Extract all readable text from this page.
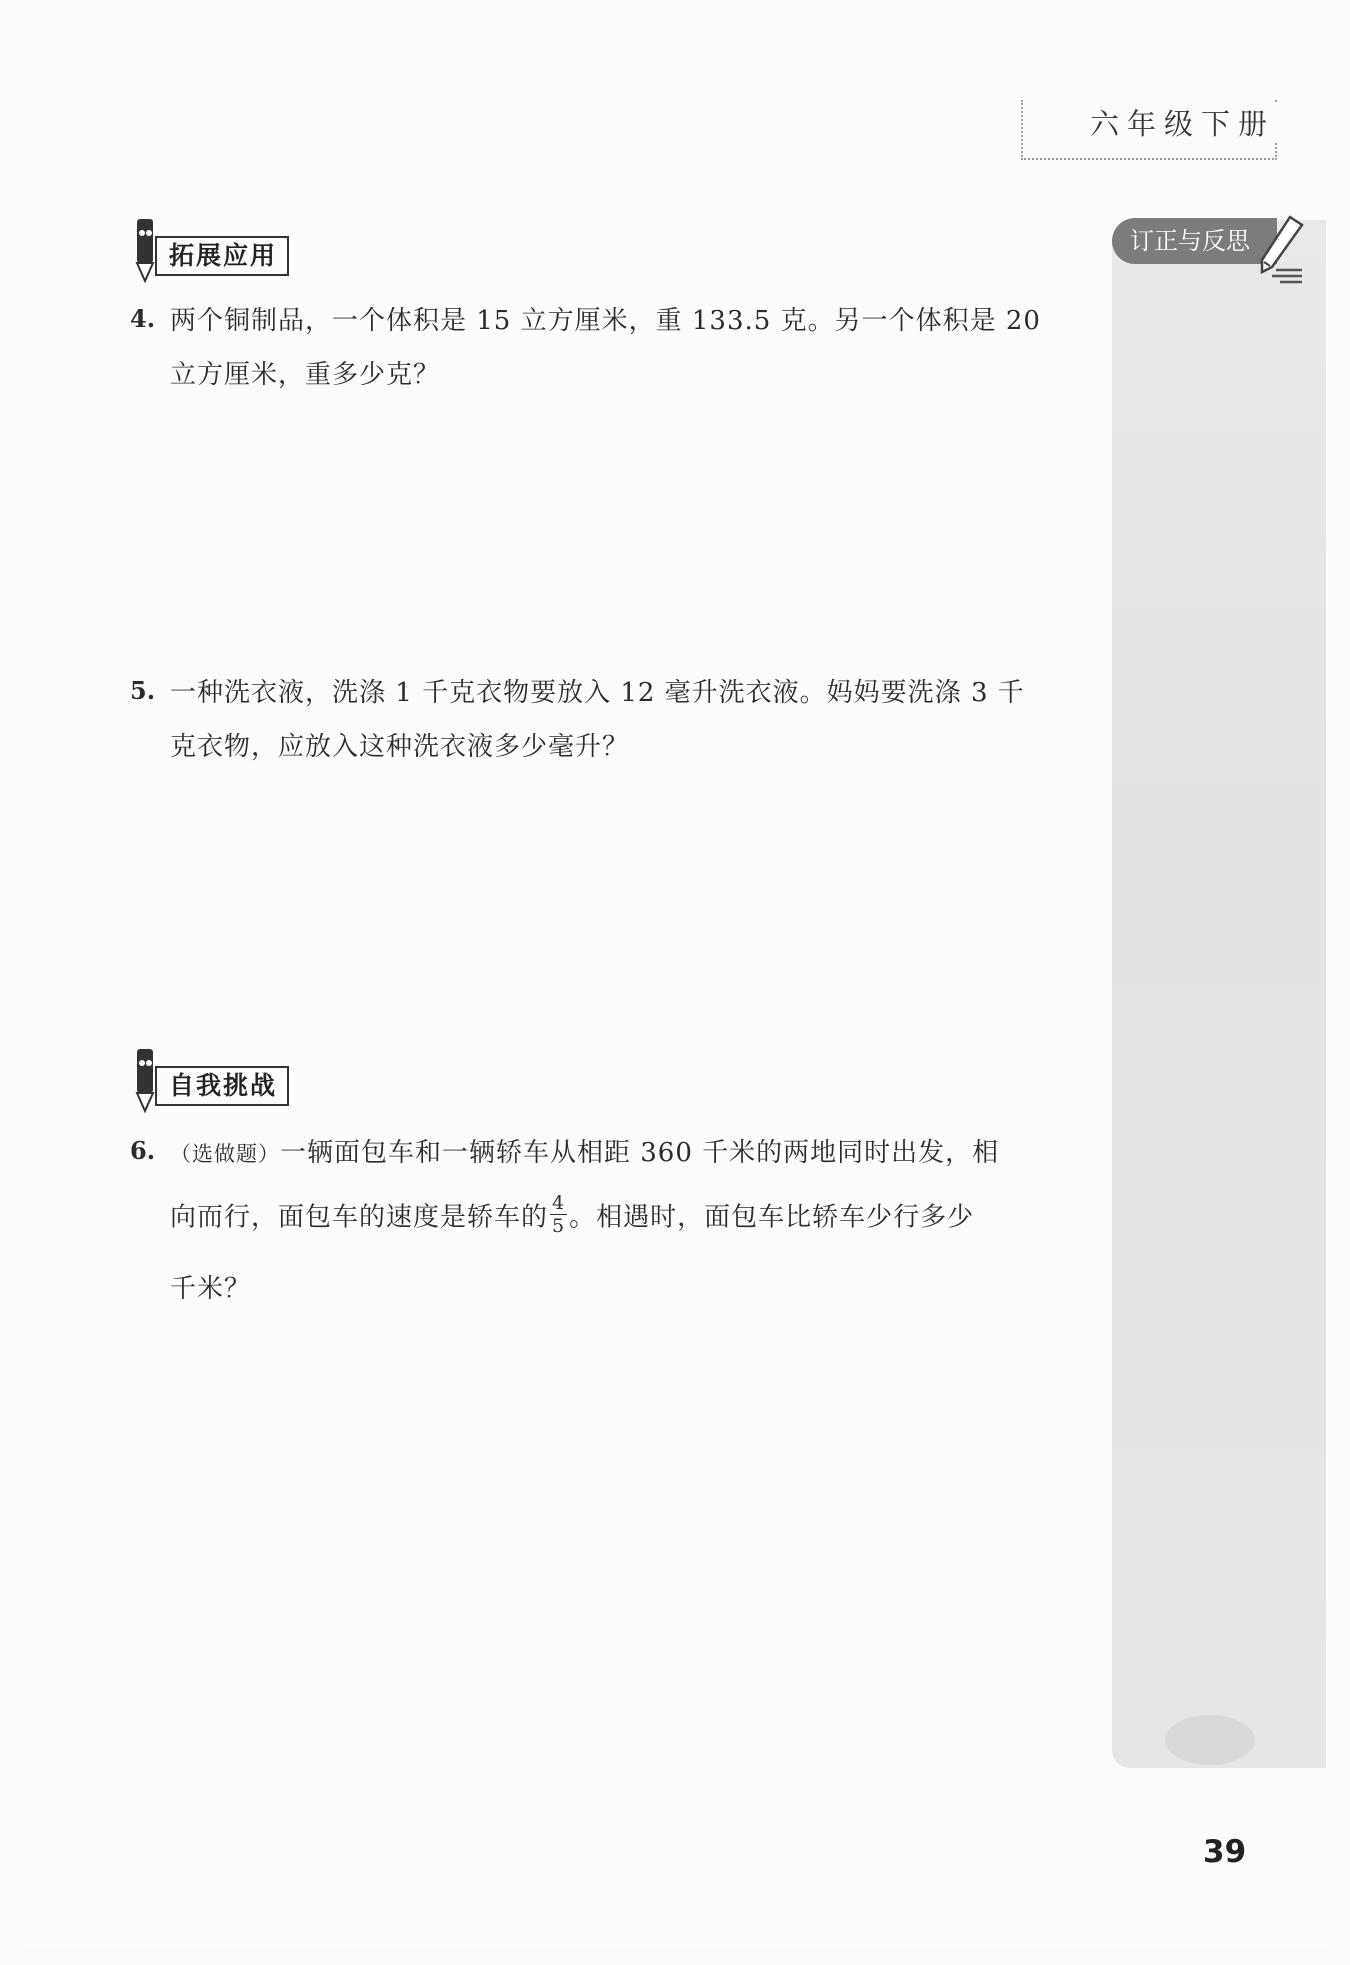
六年级下册
订正与反思
拓展应用
4. 两个铜制品，一个体积是 15 立方厘米，重 133.5 克。另一个体积是 20
立方厘米，重多少克？
5. 一种洗衣液，洗涤 1 千克衣物要放入 12 毫升洗衣液。妈妈要洗涤 3 千
克衣物，应放入这种洗衣液多少毫升？
自我挑战
6. （选做题）一辆面包车和一辆轿车从相距 360 千米的两地同时出发，相
向而行，面包车的速度是轿车的 $\frac{4}{5}$ 。相遇时，面包车比轿车少行多少
千米？
39
